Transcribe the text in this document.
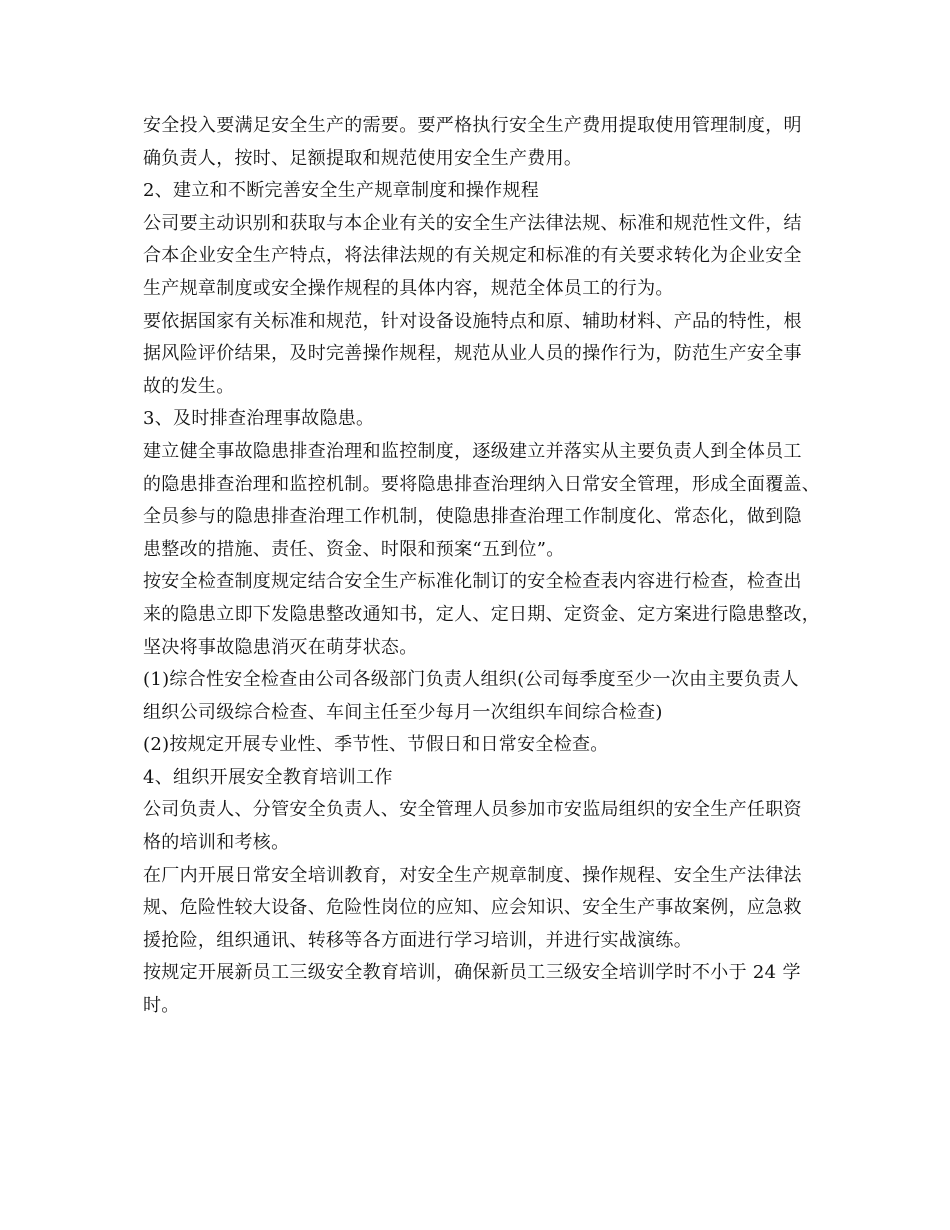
安全投入要满足安全生产的需要。要严格执行安全生产费用提取使用管理制度，明
确负责人，按时、足额提取和规范使用安全生产费用。
2、建立和不断完善安全生产规章制度和操作规程
公司要主动识别和获取与本企业有关的安全生产法律法规、标准和规范性文件，结
合本企业安全生产特点，将法律法规的有关规定和标准的有关要求转化为企业安全
生产规章制度或安全操作规程的具体内容，规范全体员工的行为。
要依据国家有关标准和规范，针对设备设施特点和原、辅助材料、产品的特性，根
据风险评价结果，及时完善操作规程，规范从业人员的操作行为，防范生产安全事
故的发生。
3、及时排查治理事故隐患。
建立健全事故隐患排查治理和监控制度，逐级建立并落实从主要负责人到全体员工
的隐患排查治理和监控机制。要将隐患排查治理纳入日常安全管理，形成全面覆盖、
全员参与的隐患排查治理工作机制，使隐患排查治理工作制度化、常态化，做到隐
患整改的措施、责任、资金、时限和预案“五到位”。
按安全检查制度规定结合安全生产标准化制订的安全检查表内容进行检查，检查出
来的隐患立即下发隐患整改通知书，定人、定日期、定资金、定方案进行隐患整改，
坚决将事故隐患消灭在萌芽状态。
(1)综合性安全检查由公司各级部门负责人组织(公司每季度至少一次由主要负责人
组织公司级综合检查、车间主任至少每月一次组织车间综合检查)
(2)按规定开展专业性、季节性、节假日和日常安全检查。
4、组织开展安全教育培训工作
公司负责人、分管安全负责人、安全管理人员参加市安监局组织的安全生产任职资
格的培训和考核。
在厂内开展日常安全培训教育，对安全生产规章制度、操作规程、安全生产法律法
规、危险性较大设备、危险性岗位的应知、应会知识、安全生产事故案例，应急救
援抢险，组织通讯、转移等各方面进行学习培训，并进行实战演练。
按规定开展新员工三级安全教育培训，确保新员工三级安全培训学时不小于 24 学
时。
